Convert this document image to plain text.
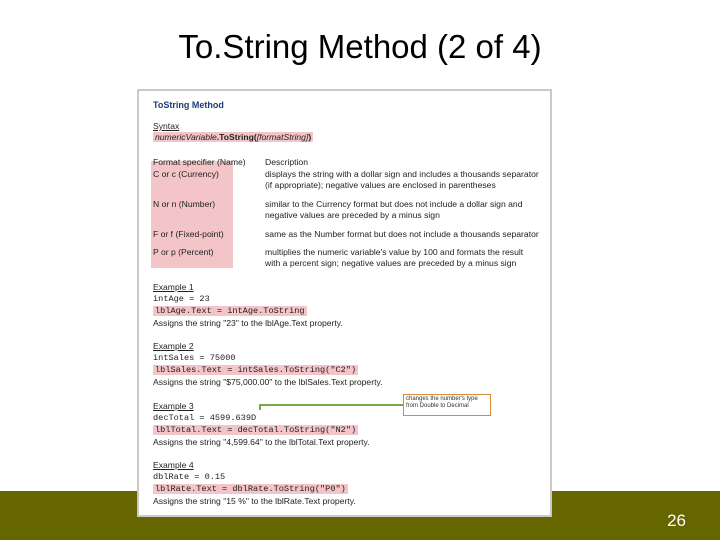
To.String Method (2 of 4)
26
ToString Method
Syntax
numericVariable.ToString([formatString])
Format specifier (Name) Description
C or c (Currency)	displays the string with a dollar sign and includes a thousands separator
(if appropriate); negative values are enclosed in parentheses
N or n (Number)	similar to the Currency format but does not include a dollar sign and
negative values are preceded by a minus sign
F or f (Fixed-point)	same as the Number format but does not include a thousands separator
P or p (Percent)	multiplies the numeric variable's value by 100 and formats the result
with a percent sign; negative values are preceded by a minus sign
Example 1
intAge = 23
lblAge.Text = intAge.ToString
Assigns the string "23" to the lblAge.Text property.
Example 2
intSales = 75000
lblSales.Text = intSales.ToString("C2")
Assigns the string "$75,000.00" to the lblSales.Text property.
Example 3
decTotal = 4599.639D
lblTotal.Text = decTotal.ToString("N2")
Assigns the string "4,599.64" to the lblTotal.Text property.
changes the number's type from Double to Decimal
Example 4
dblRate = 0.15
lblRate.Text = dblRate.ToString("P0")
Assigns the string "15 %" to the lblRate.Text property.
